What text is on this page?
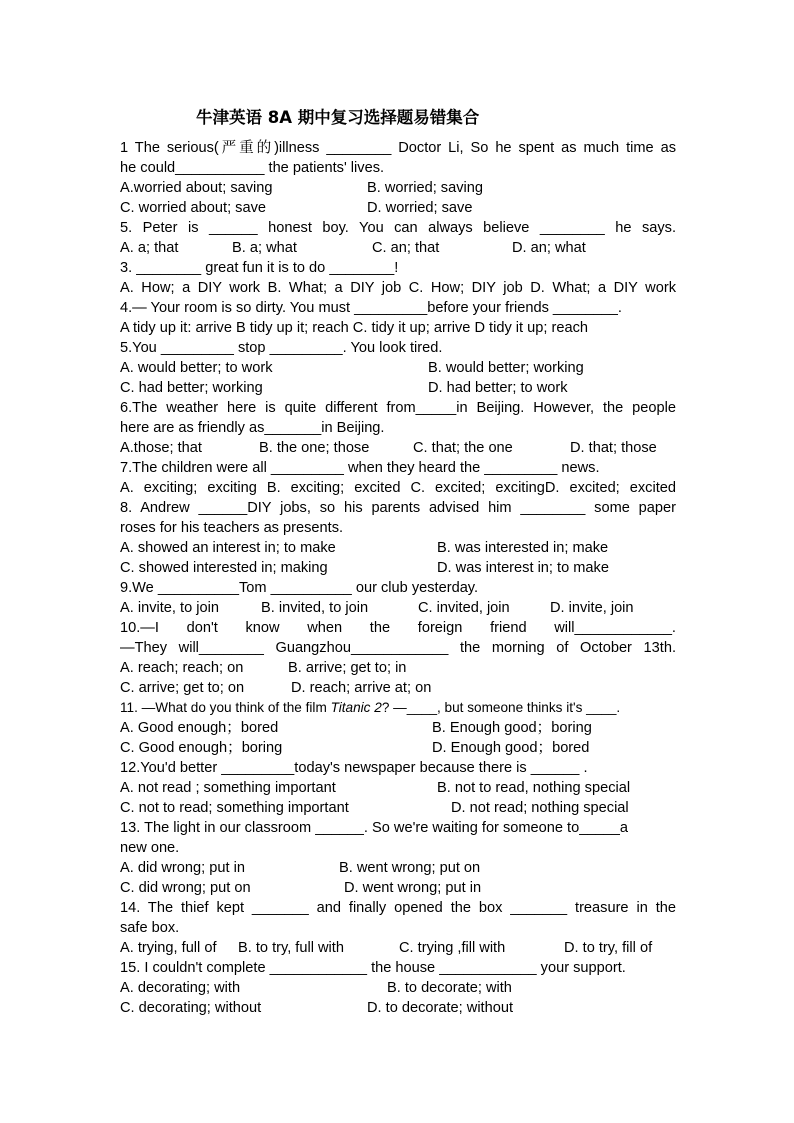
牛津英语 8A 期中复习选择题易错集合
1 The serious(严重的)illness ________ Doctor Li, So he spent as much time as
he could___________ the patients' lives.
A.worried about; saving	B. worried; saving
C. worried about; save	D. worried; save
5. Peter is ______ honest boy. You can always believe ________ he says.
A. a; that	B. a; what	C. an; that	D. an; what
3. ________ great fun it is to do ________!
A. How; a DIY work B. What; a DIY job C. How; DIY job D. What; a DIY work
4.— Your room is so dirty. You must _________before your friends ________.
A tidy up it: arrive B tidy up it; reach C. tidy it up; arrive D tidy it up; reach
5.You _________ stop _________. You look tired.
A. would better; to work	B. would better; working
C. had better; working	D. had better; to work
6.The weather here is quite different from_____in Beijing. However, the people
here are as friendly as_______in Beijing.
A.those; that	B. the one; those	C. that; the one	D. that; those
7.The children were all _________ when they heard the _________ news.
A. exciting; exciting B. exciting; excited C. excited; excitingD. excited; excited
8. Andrew ______DIY jobs, so his parents advised him ________ some paper
roses for his teachers as presents.
A. showed an interest in; to make	B. was interested in; make
C. showed interested in; making	D. was interest in; to make
9.We __________Tom __________ our club yesterday.
A. invite, to join	B. invited, to join	C. invited, join	D. invite, join
10.—I don't know when the foreign friend will____________.
—They will________ Guangzhou____________ the morning of October 13th.
A. reach; reach; on	B. arrive; get to; in
C. arrive; get to; on	D. reach; arrive at; on
11. —What do you think of the film Titanic 2? —____, but someone thinks it's ____.
A. Good enough；bored	B. Enough good；boring
C. Good enough；boring	D. Enough good；bored
12.You'd better _________today's newspaper because there is ______ .
A. not read ; something important	B. not to read, nothing special
C. not to read; something important	D. not read; nothing special
13. The light in our classroom ______. So we're waiting for someone to_____a
new one.
A. did wrong; put in	B. went wrong; put on
C. did wrong; put on	D. went wrong; put in
14. The thief kept _______ and finally opened the box _______ treasure in the
safe box.
A. trying, full of B. to try, full with	C. trying ,fill with	D. to try, fill of
15. I couldn't complete ____________ the house ____________ your support.
A. decorating; with	B. to decorate; with
C. decorating; without	D. to decorate; without
